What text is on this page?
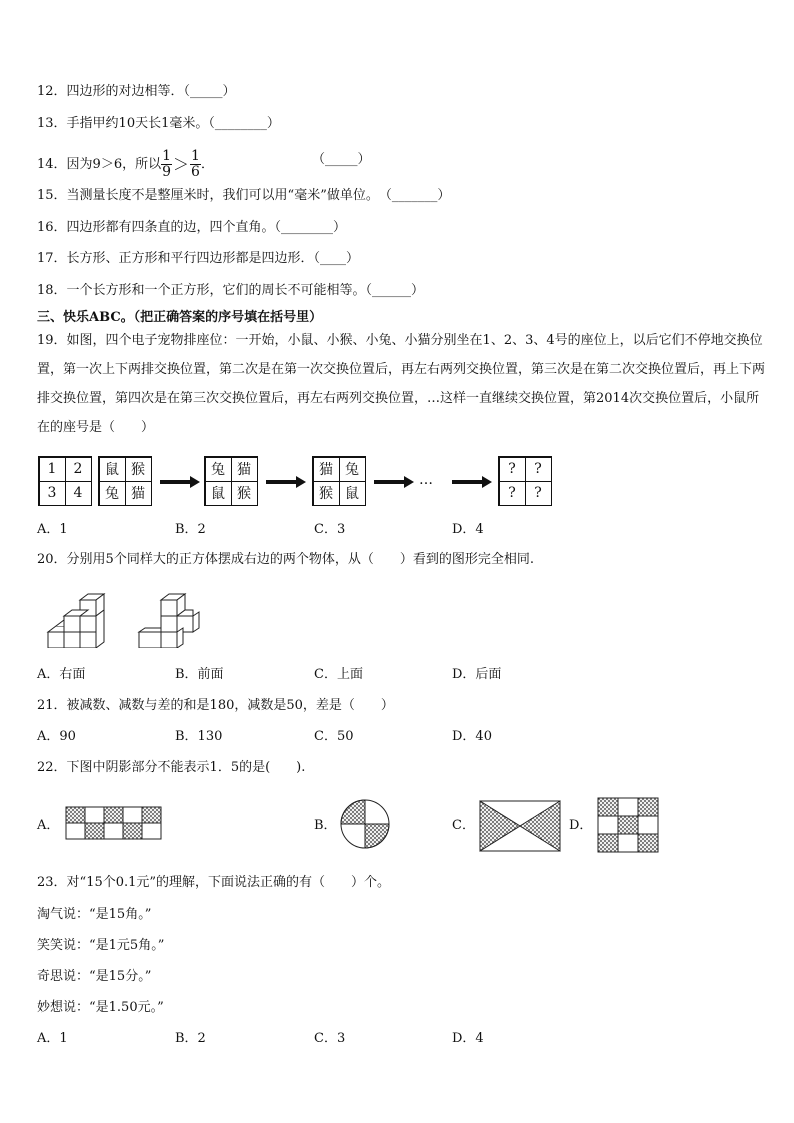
12．四边形的对边相等．（_____）
13．手指甲约10天长1毫米。（________）
14．因为9＞6，所以 $\frac{1}{9} > \frac{1}{6}$ ．	（_____）
15．当测量长度不是整厘米时，我们可以用“毫米”做单位。　（_______）
16．四边形都有四条直的边，四个直角。（________）
17．长方形、正方形和平行四边形都是四边形．（____）
18．一个长方形和一个正方形，它们的周长不可能相等。（______）
三、快乐ABC。（把正确答案的序号填在括号里）
19．如图，四个电子宠物排座位：一开始，小鼠、小猴、小兔、小猫分别坐在1、2、3、4号的座位上，以后它们不停地交换位置，第一次上下两排交换位置，第二次是在第一次交换位置后，再左右两列交换位置，第三次是在第二次交换位置后，再上下两排交换位置，第四次是在第三次交换位置后，再左右两列交换位置，…这样一直继续交换位置，第2014次交换位置后，小鼠所在的座号是（　　）
1	2
3	4
鼠 猴
兔 猫
兔 猫
鼠 猴
猫 兔
猴 鼠
…
?	?
?	?
A．1	B．2	C．3	D．4
20．分别用5个同样大的正方体摆成右边的两个物体，从（　　）看到的图形完全相同.
A．右面	B．前面	C．上面	D．后面
21．被减数、减数与差的和是180，减数是50，差是（　　）
A．90	B．130	C．50	D．40
22．下图中阴影部分不能表示1．5的是(　　).
A．	B．	C．	D．
23．对“15个0.1元”的理解，下面说法正确的有（　　）个。
淘气说：“是15角。”
笑笑说：“是1元5角。”
奇思说：“是15分。”
妙想说：“是1.50元。”
A．1	B．2	C．3	D．4
